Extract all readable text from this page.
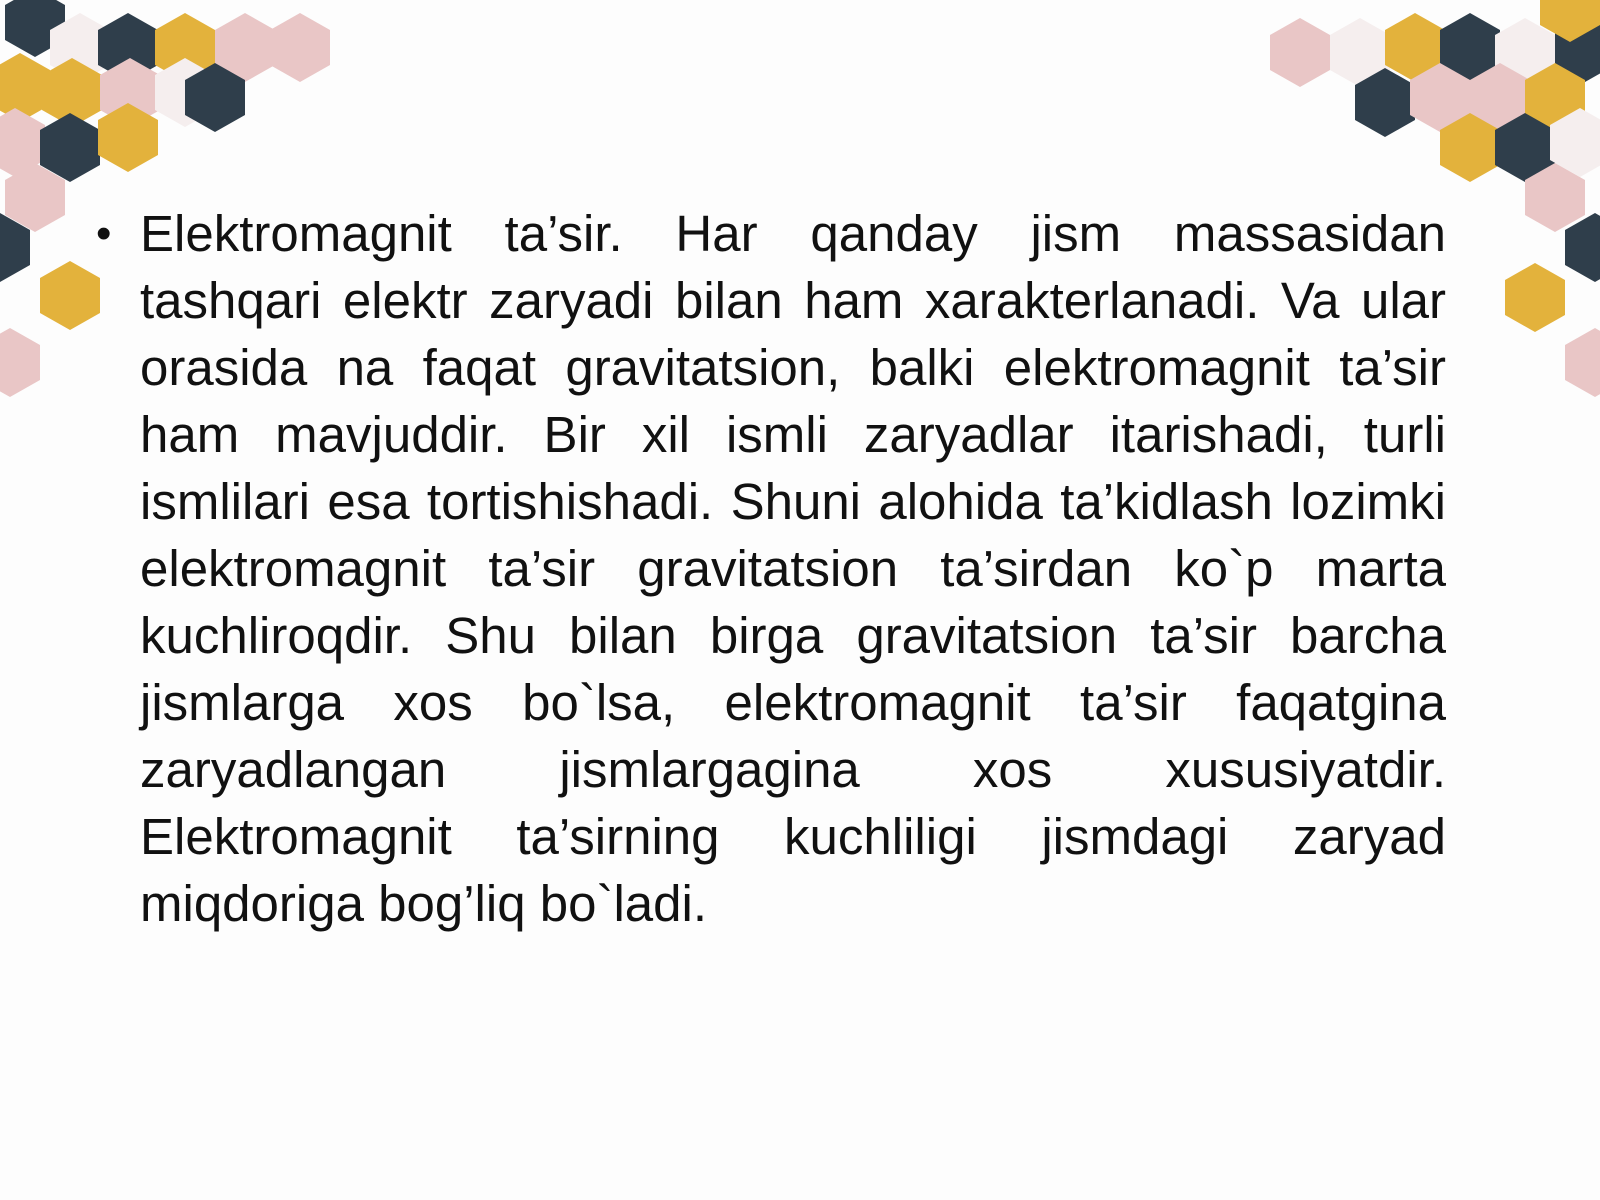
• Elektromagnit ta’sir. Har qanday jism massasidan tashqari elektr zaryadi bilan ham xarakterlanadi. Va ular orasida na faqat gravitatsion, balki elektromagnit ta’sir ham mavjuddir. Bir xil ismli zaryadlar itarishadi, turli ismlilari esa tortishishadi. Shuni alohida ta’kidlash lozimki elektromagnit ta’sir gravitatsion ta’sirdan ko`p marta kuchliroqdir. Shu bilan birga gravitatsion ta’sir barcha jismlarga xos bo`lsa, elektromagnit ta’sir faqatgina zaryadlangan jismlargagina xos xususiyatdir. Elektromagnit ta’sirning kuchliligi jismdagi zaryad miqdoriga bog’liq bo`ladi.
